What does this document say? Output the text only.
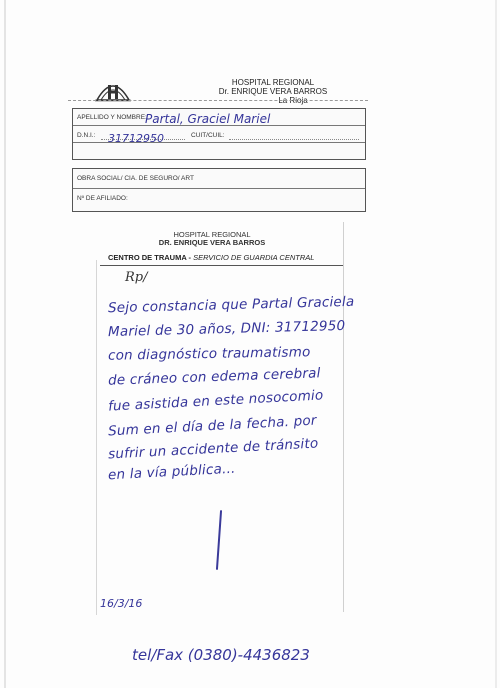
HOSPITAL REGIONAL
Dr. ENRIQUE VERA BARROS
La Rioja
APELLIDO Y NOMBRE:
D.N.I.:	CUIT/CUIL:
Partal, Graciel Mariel
31712950
OBRA SOCIAL/ CIA. DE SEGURO/ ART
Nº DE AFILIADO:
HOSPITAL REGIONAL
DR. ENRIQUE VERA BARROS
CENTRO DE TRAUMA - SERVICIO DE GUARDIA CENTRAL
Rp/
Sejo constancia que Partal Graciela
Mariel de 30 años, DNI: 31712950
con diagnóstico traumatismo
de cráneo con edema cerebral
fue asistida en este nosocomio
Sum en el día de la fecha. por
sufrir un accidente de tránsito
en la vía pública...
16/3/16
tel/Fax (0380)-4436823
